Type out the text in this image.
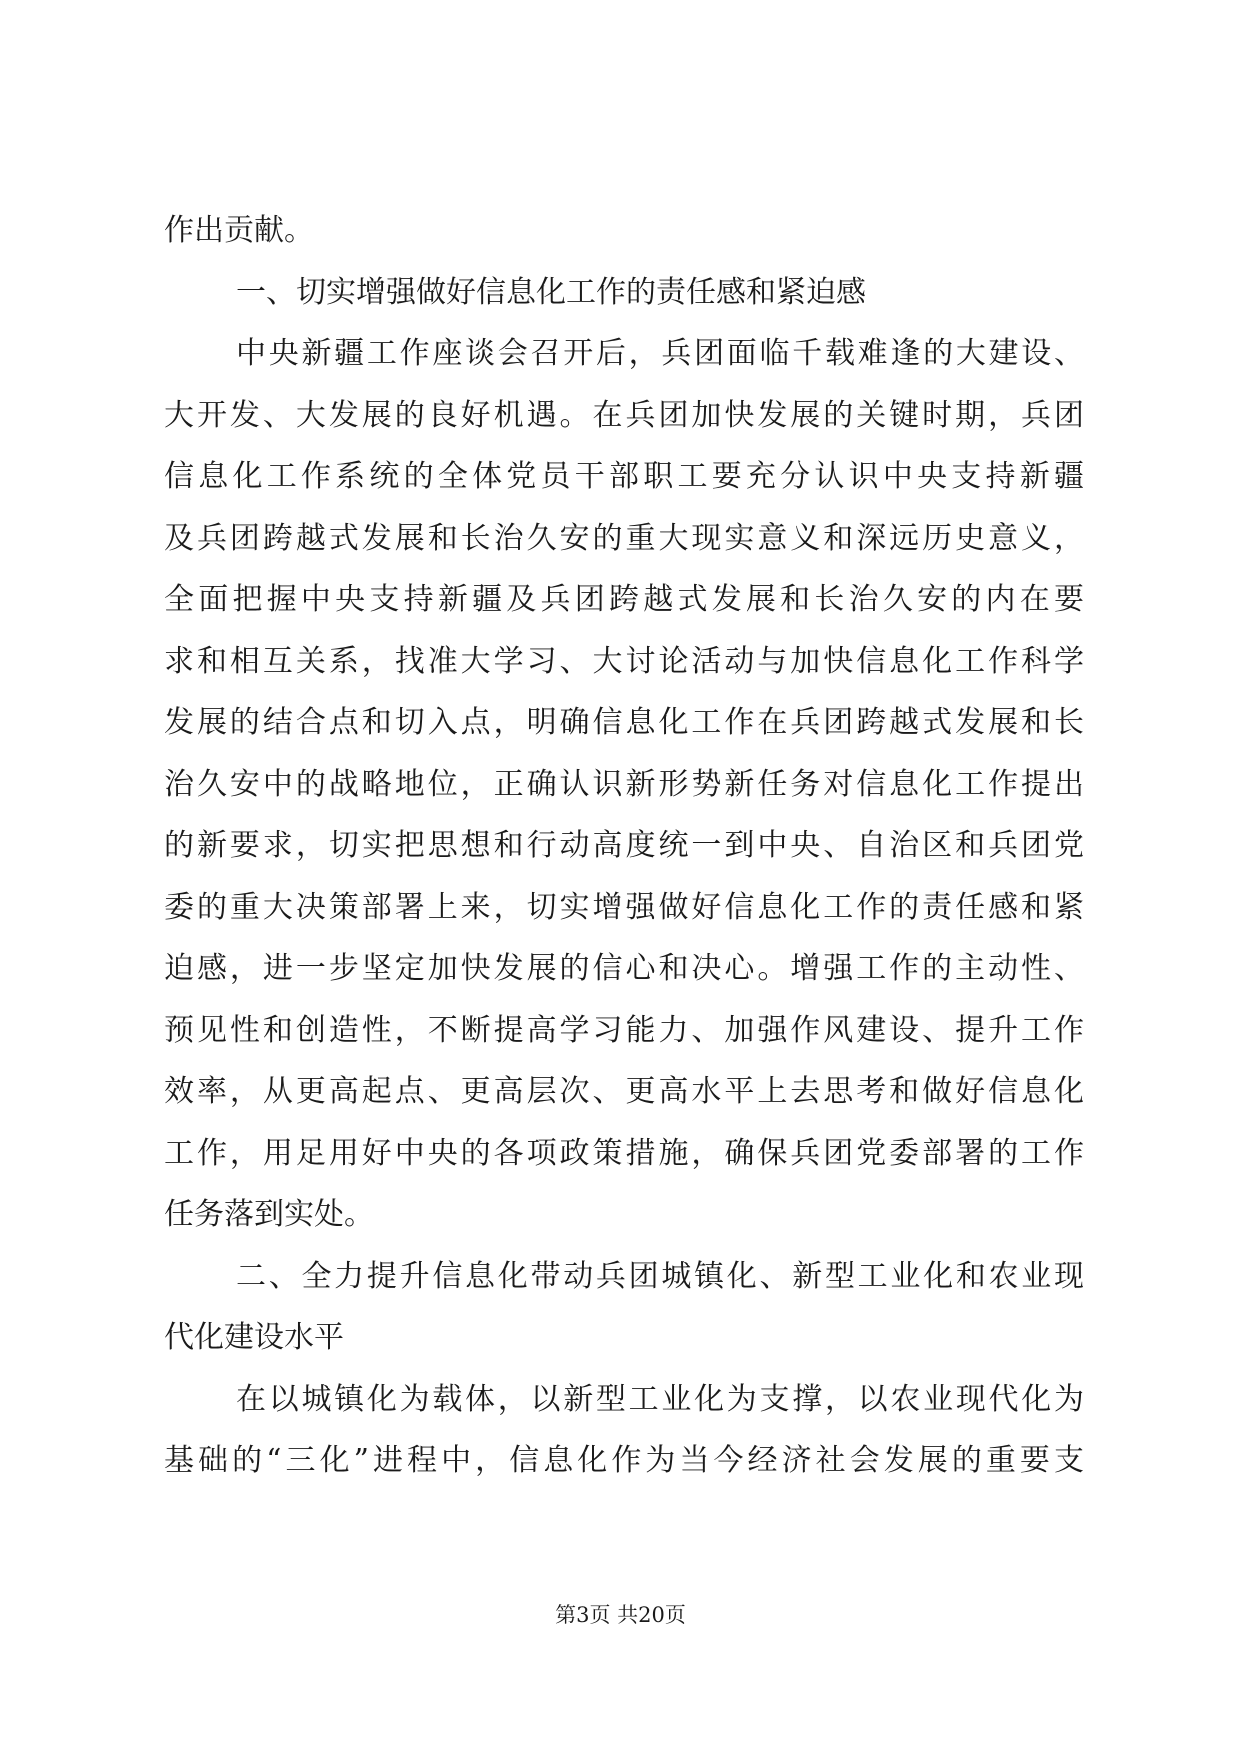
作出贡献。
一、切实增强做好信息化工作的责任感和紧迫感
中央新疆工作座谈会召开后，兵团面临千载难逢的大建设、
大开发、大发展的良好机遇。在兵团加快发展的关键时期，兵团
信息化工作系统的全体党员干部职工要充分认识中央支持新疆
及兵团跨越式发展和长治久安的重大现实意义和深远历史意义，
全面把握中央支持新疆及兵团跨越式发展和长治久安的内在要
求和相互关系，找准大学习、大讨论活动与加快信息化工作科学
发展的结合点和切入点，明确信息化工作在兵团跨越式发展和长
治久安中的战略地位，正确认识新形势新任务对信息化工作提出
的新要求，切实把思想和行动高度统一到中央、自治区和兵团党
委的重大决策部署上来，切实增强做好信息化工作的责任感和紧
迫感，进一步坚定加快发展的信心和决心。增强工作的主动性、
预见性和创造性，不断提高学习能力、加强作风建设、提升工作
效率，从更高起点、更高层次、更高水平上去思考和做好信息化
工作，用足用好中央的各项政策措施，确保兵团党委部署的工作
任务落到实处。
二、全力提升信息化带动兵团城镇化、新型工业化和农业现
代化建设水平
在以城镇化为载体，以新型工业化为支撑，以农业现代化为
基础的“三化”进程中，信息化作为当今经济社会发展的重要支
第3页 共20页
